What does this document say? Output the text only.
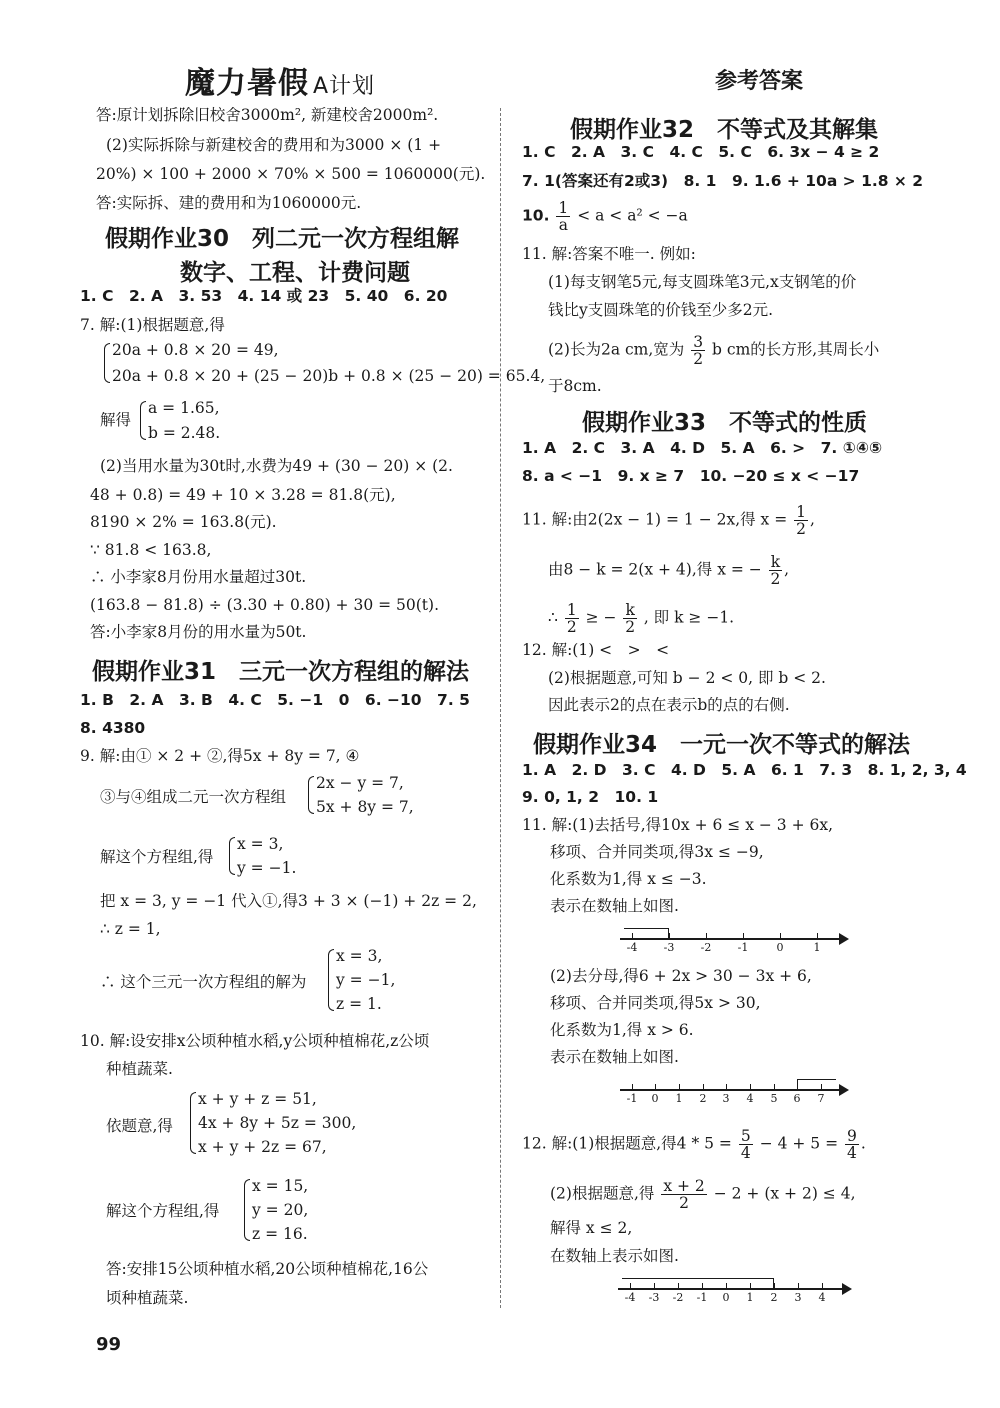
魔力暑假 A计划	参考答案
答:原计划拆除旧校舍3000m², 新建校舍2000m².
(2)实际拆除与新建校舍的费用和为3000 × (1 +
20%) × 100 + 2000 × 70% × 500 = 1060000(元).
答:实际拆、建的费用和为1060000元.
假期作业30　列二元一次方程组解
数字、工程、计费问题
1. C　2. A　3. 53　4. 14 或 23　5. 40　6. 20
7. 解:(1)根据题意,得
20a + 0.8 × 20 = 49,
20a + 0.8 × 20 + (25 − 20)b + 0.8 × (25 − 20) = 65.4,
解得
a = 1.65,
b = 2.48.
(2)当用水量为30t时,水费为49 + (30 − 20) × (2.
48 + 0.8) = 49 + 10 × 3.28 = 81.8(元),
8190 × 2% = 163.8(元).
∵ 81.8 < 163.8,
∴ 小李家8月份用水量超过30t.
(163.8 − 81.8) ÷ (3.30 + 0.80) + 30 = 50(t).
答:小李家8月份的用水量为50t.
假期作业31　三元一次方程组的解法
1. B　2. A　3. B　4. C　5. −1　0　6. −10　7. 5
8. 4380
9. 解:由① × 2 + ②,得5x + 8y = 7, ④
③与④组成二元一次方程组
2x − y = 7,
5x + 8y = 7,
解这个方程组,得
x = 3,
y = −1.
把 x = 3, y = −1 代入①,得3 + 3 × (−1) + 2z = 2,
∴ z = 1,
∴ 这个三元一次方程组的解为
x = 3,
y = −1,
z = 1.
10. 解:设安排x公顷种植水稻,y公顷种植棉花,z公顷
种植蔬菜.
依题意,得
x + y + z = 51,
4x + 8y + 5z = 300,
x + y + 2z = 67,
解这个方程组,得
x = 15,
y = 20,
z = 16.
答:安排15公顷种植水稻,20公顷种植棉花,16公
顷种植蔬菜.
99
假期作业32　不等式及其解集
1. C　2. A　3. C　4. C　5. C　6. 3x − 4 ≥ 2
7. 1(答案还有2或3)　8. 1　9. 1.6 + 10a > 1.8 × 2
10. $\frac{1}{a} < a < a^2 < -a$
11. 解:答案不唯一. 例如:
(1)每支钢笔5元,每支圆珠笔3元,x支钢笔的价
钱比y支圆珠笔的价钱至少多2元.
(2)长为2a cm,宽为 $\frac{3}{2}$ b cm的长方形,其周长小
于8cm.
假期作业33　不等式的性质
1. A　2. C　3. A　4. D　5. A　6. >　7. ①④⑤
8. a < −1　9. x ≥ 7　10. −20 ≤ x < −17
11. 解:由2(2x − 1) = 1 − 2x,得 $x = \frac{1}{2}$ ,
由8 − k = 2(x + 4),得 x = − $\frac{k}{2}$ ,
∴ $\frac{1}{2}$ ≥ − $\frac{k}{2}$ , 即 k ≥ −1.
12. 解:(1) <　>　<
(2)根据题意,可知 b − 2 < 0, 即 b < 2.
因此表示2的点在表示b的点的右侧.
假期作业34　一元一次不等式的解法
1. A　2. D　3. C　4. D　5. A　6. 1　7. 3　8. 1, 2, 3, 4
9. 0, 1, 2　10. 1
11. 解:(1)去括号,得10x + 6 ≤ x − 3 + 6x,
移项、合并同类项,得3x ≤ −9,
化系数为1,得 x ≤ −3.
表示在数轴上如图.
-4	-3	-2	-1	0	1
(2)去分母,得6 + 2x > 30 − 3x + 6,
移项、合并同类项,得5x > 30,
化系数为1,得 x > 6.
表示在数轴上如图.
-1	0	1	2	3	4	5	6	7
12. 解:(1)根据题意,得$4 * 5 = \frac{5}{4} - 4 + 5 = \frac{9}{4}$ .
(2)根据题意,得 $\frac{x + 2}{2} - 2 + (x + 2) \le 4$,
解得 x ≤ 2,
在数轴上表示如图.
-4	-3	-2	-1	0	1	2	3	4
